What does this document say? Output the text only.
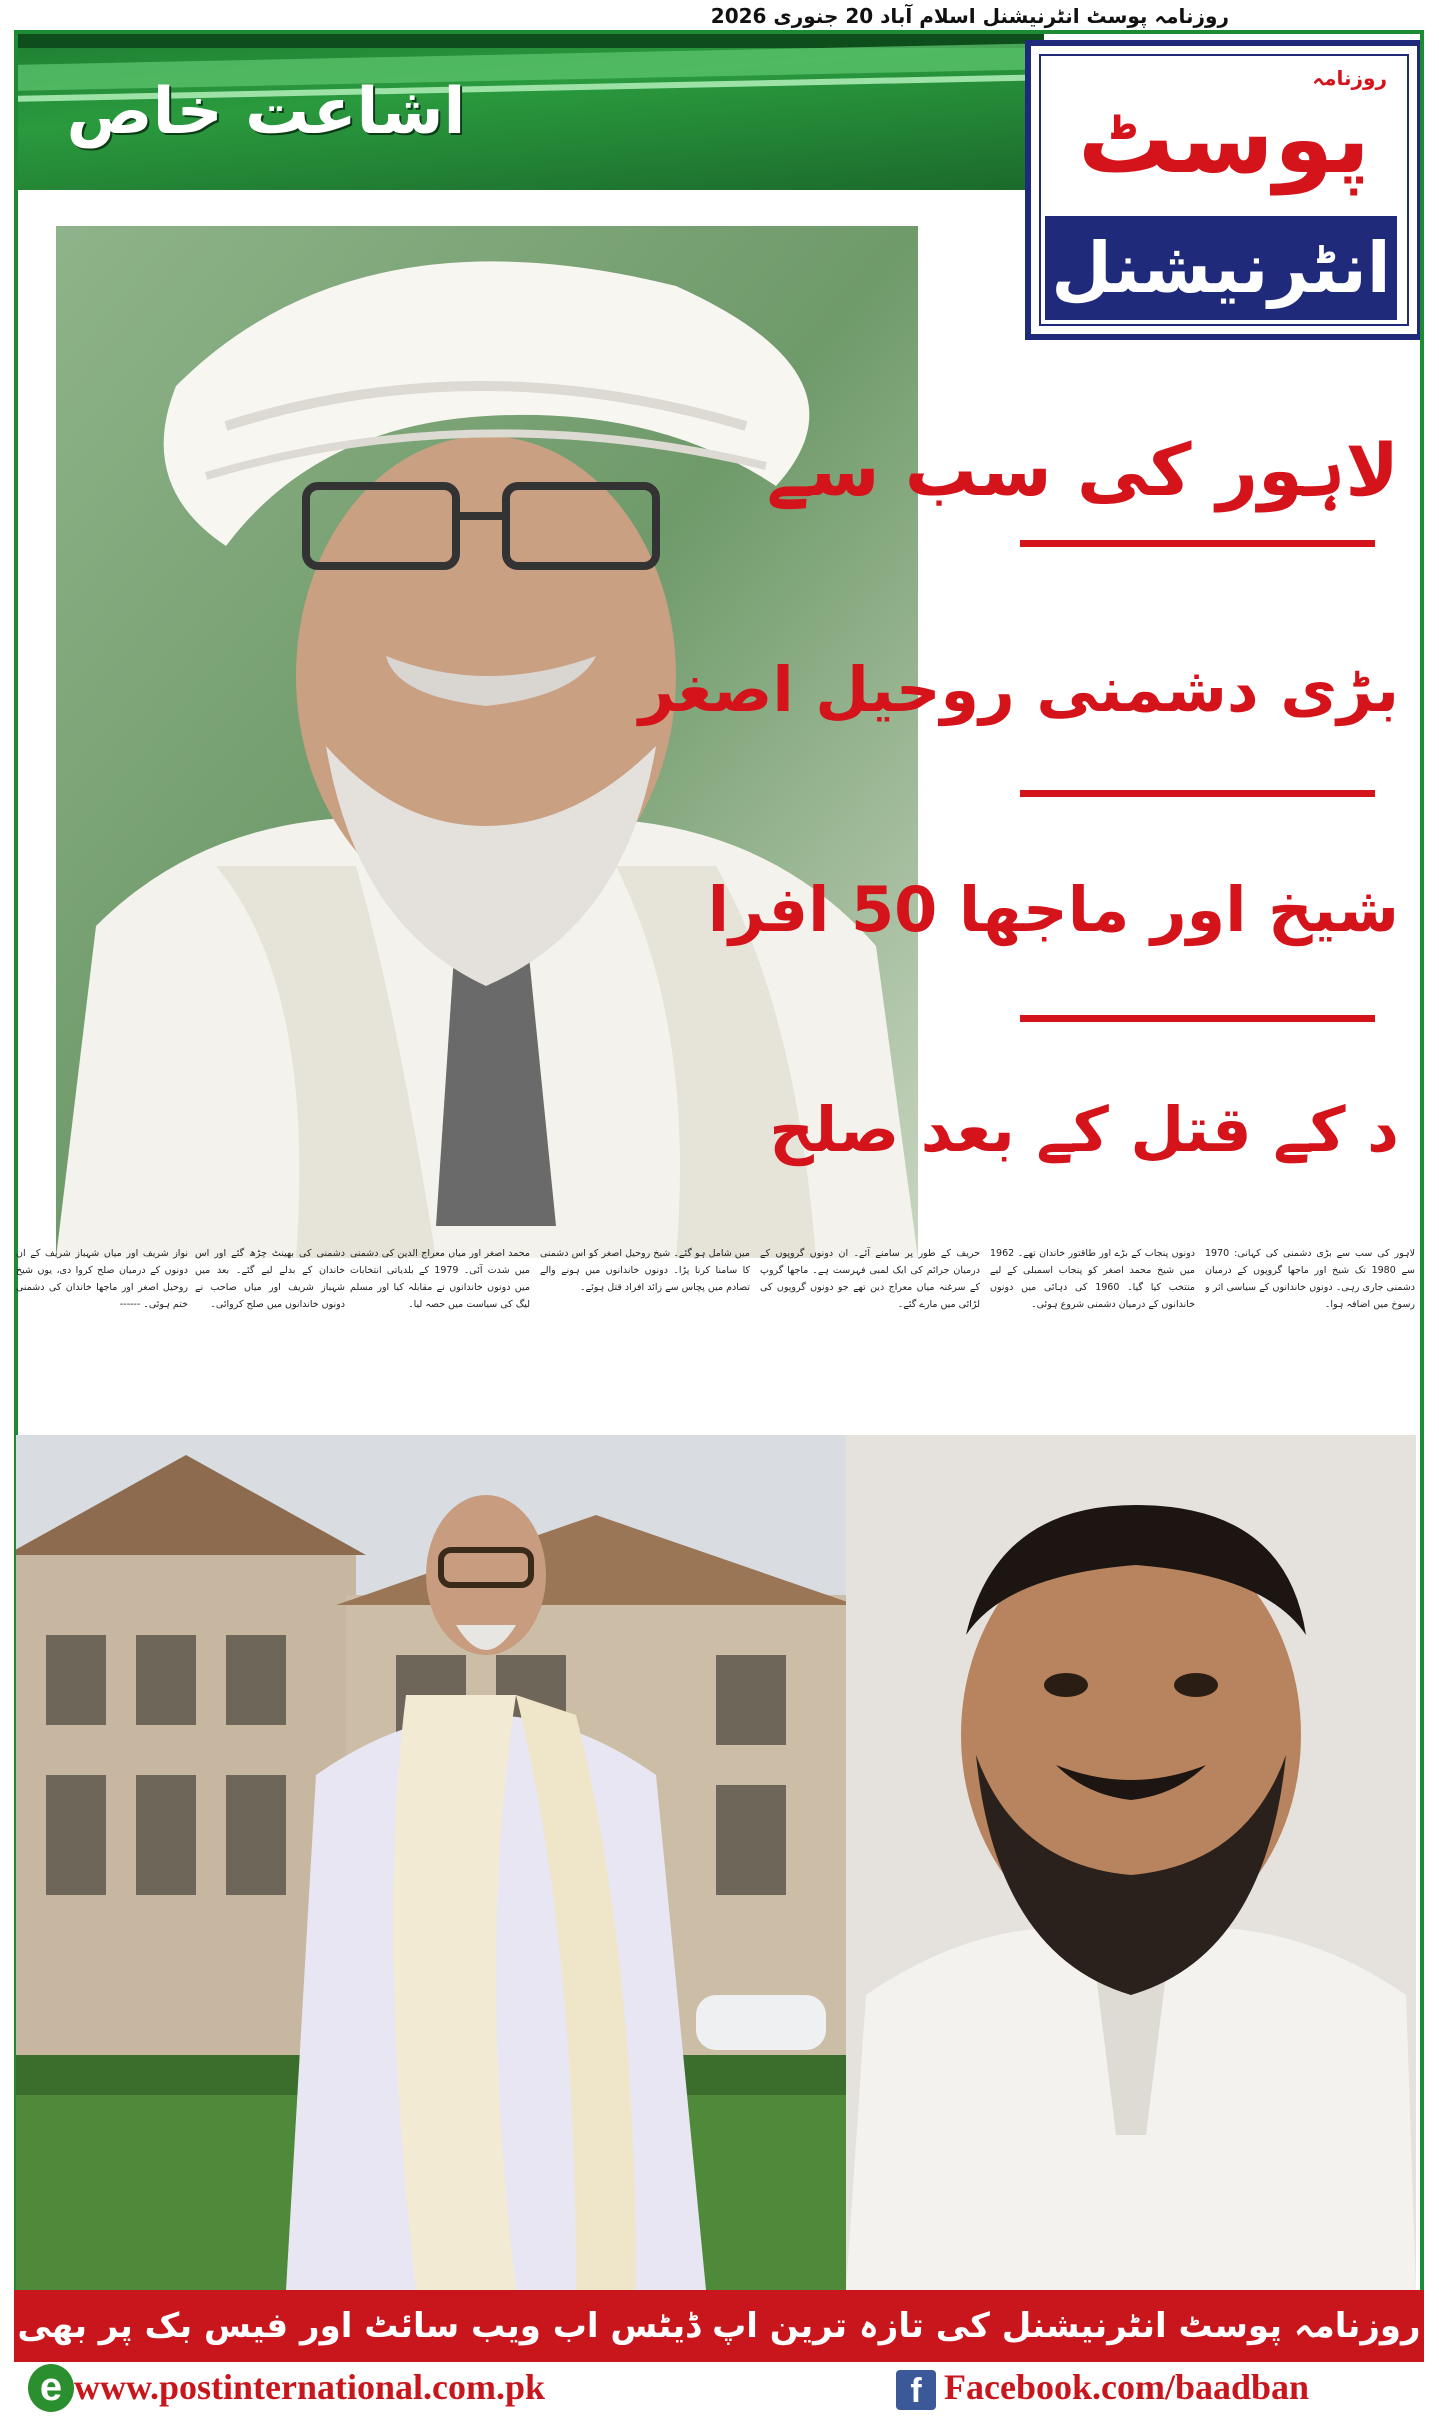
روزنامہ پوسٹ انٹرنیشنل اسلام آباد 20 جنوری 2026
اشاعت خاص	روزنامہ
پوسٹ
انٹرنیشنل
لاہور کی سب سے
بڑی دشمنی روحیل اصغر
شیخ اور ماجھا 50 افرا
د کے قتل کے بعد صلح
لاہور کی سب سے بڑی دشمنی کی کہانی: 1970 سے 1980 تک شیخ اور ماجھا گروپوں کے درمیان دشمنی جاری رہی۔ دونوں خاندانوں کے سیاسی اثر و رسوخ میں اضافہ ہوا۔
دونوں پنجاب کے بڑے اور طاقتور خاندان تھے۔ 1962 میں شیخ محمد اصغر کو پنجاب اسمبلی کے لیے منتخب کیا گیا۔ 1960 کی دہائی میں دونوں خاندانوں کے درمیان دشمنی شروع ہوئی۔
حریف کے طور پر سامنے آئے۔ ان دونوں گروپوں کے درمیان جرائم کی ایک لمبی فہرست ہے۔ ماجھا گروپ کے سرغنہ میاں معراج دین تھے جو دونوں گروپوں کی لڑائی میں مارے گئے۔
میں شامل ہو گئے۔ شیخ روحیل اصغر کو اس دشمنی کا سامنا کرنا پڑا۔ دونوں خاندانوں میں ہونے والے تصادم میں پچاس سے زائد افراد قتل ہوئے۔
محمد اصغر اور میاں معراج الدین کی دشمنی میں شدت آئی۔ 1979 کے بلدیاتی انتخابات میں دونوں خاندانوں نے مقابلہ کیا اور مسلم لیگ کی سیاست میں حصہ لیا۔
دشمنی کی بھینٹ چڑھ گئے اور اس خاندان کے بدلے لیے گئے۔ بعد میں شہباز شریف اور میاں صاحب نے دونوں خاندانوں میں صلح کروائی۔
نواز شریف اور میاں شہباز شریف کے ان دونوں کے درمیان صلح کروا دی، یوں شیخ روحیل اصغر اور ماجھا خاندان کی دشمنی ختم ہوئی۔ ------
روزنامہ پوسٹ انٹرنیشنل کی تازہ ترین اپ ڈیٹس اب ویب سائٹ اور فیس بک پر بھی
e www.postinternational.com.pk	f Facebook.com/baadban
